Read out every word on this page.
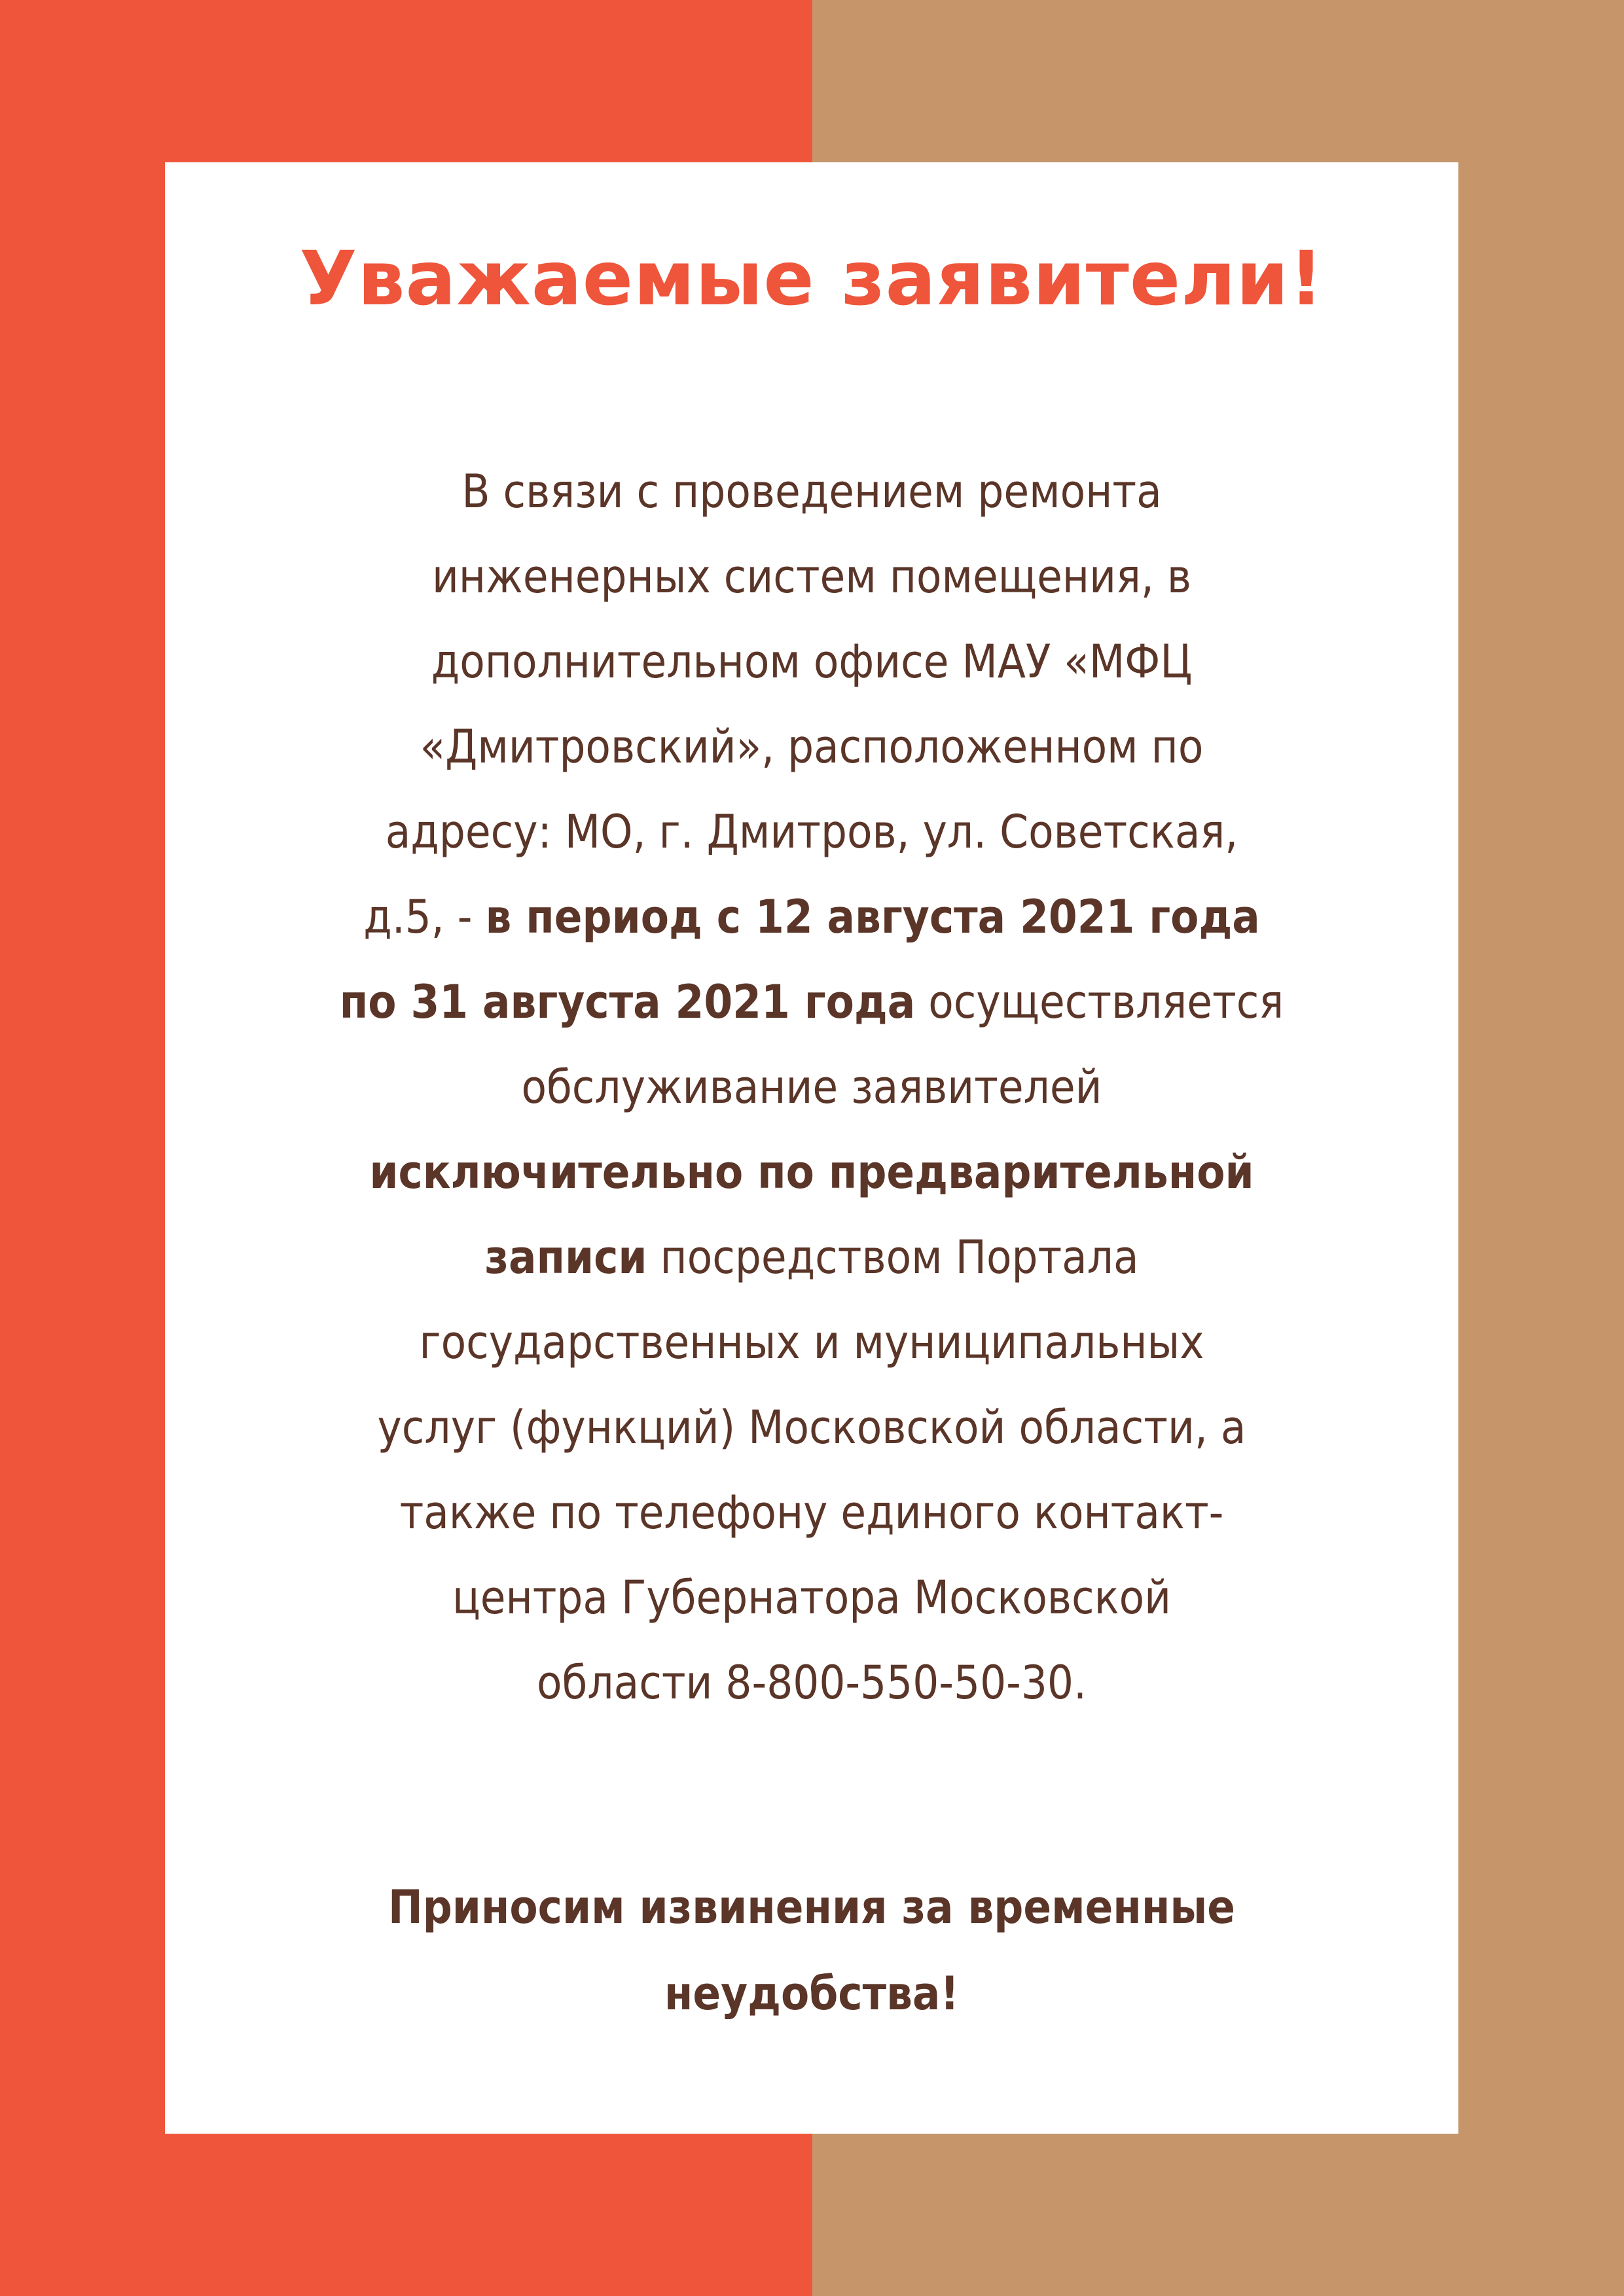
Уважаемые заявители!

В связи с проведением ремонта
инженерных систем помещения, в
дополнительном офисе МАУ «МФЦ
«Дмитровский», расположенном по
адресу: МО, г. Дмитров, ул. Советская,
д.5, - в период с 12 августа 2021 года
по 31 августа 2021 года осуществляется
обслуживание заявителей
исключительно по предварительной
записи посредством Портала
государственных и муниципальных
услуг (функций) Московской области, а
также по телефону единого контакт-
центра Губернатора Московской
области 8-800-550-50-30.

Приносим извинения за временные
неудобства!
